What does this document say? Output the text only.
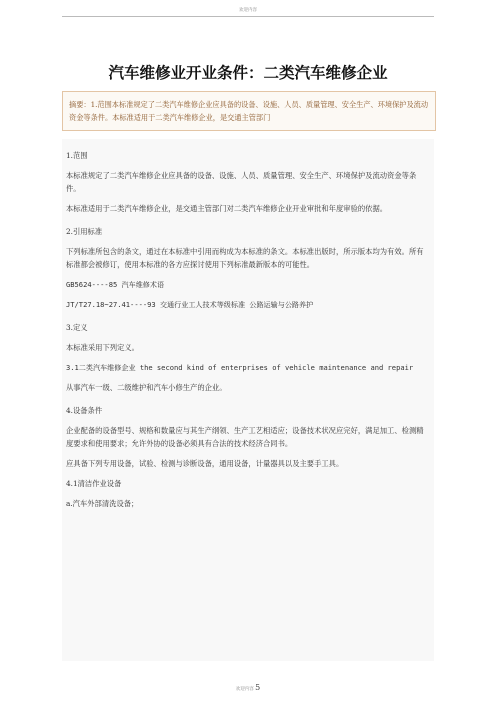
欢迎内容
汽车维修业开业条件：二类汽车维修企业
摘要：1.范围本标准规定了二类汽车维修企业应具备的设备、设施、人员、质量管理、安全生产、环境保护及流动资金等条件。本标准适用于二类汽车维修企业，是交通主管部门

1.范围

本标准规定了二类汽车维修企业应具备的设备、设施、人员、质量管理、安全生产、环境保护及流动资金等条件。

本标准适用于二类汽车维修企业，是交通主管部门对二类汽车维修企业开业审批和年度审验的依据。

2.引用标准

下列标准所包含的条文，通过在本标准中引用而构成为本标准的条文。本标准出版时，所示版本均为有效。所有标准都会被修订，使用本标准的各方应探讨使用下列标准最新版本的可能性。

GB5624----85 汽车维修术语

JT/T27.18~27.41----93 交通行业工人技术等级标准 公路运输与公路养护

3.定义

本标准采用下列定义。

3.1二类汽车维修企业 the second kind of enterprises of vehicle maintenance and repair

从事汽车一级、二级维护和汽车小修生产的企业。

4.设备条件

企业配备的设备型号、规格和数量应与其生产纲领、生产工艺相适应；设备技术状况应完好，满足加工、检测精度要求和使用要求；允许外协的设备必须具有合法的技术经济合同书。

应具备下列专用设备，试验、检测与诊断设备，通用设备，计量器具以及主要手工具。

4.1清洁作业设备

a.汽车外部清洗设备；

欢迎内容 5
